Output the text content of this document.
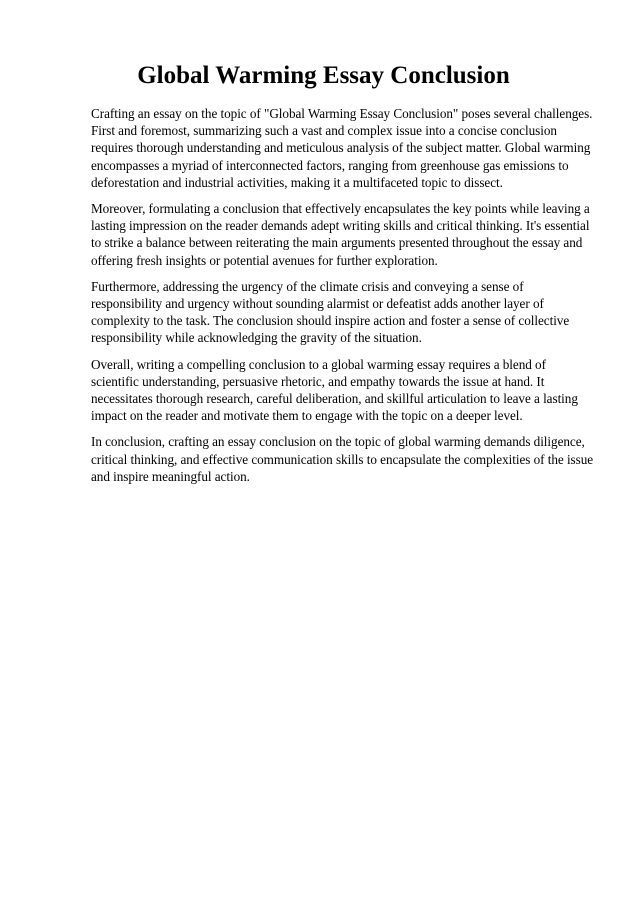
Global Warming Essay Conclusion

Crafting an essay on the topic of "Global Warming Essay Conclusion" poses several challenges. First and foremost, summarizing such a vast and complex issue into a concise conclusion requires thorough understanding and meticulous analysis of the subject matter. Global warming encompasses a myriad of interconnected factors, ranging from greenhouse gas emissions to deforestation and industrial activities, making it a multifaceted topic to dissect.

Moreover, formulating a conclusion that effectively encapsulates the key points while leaving a lasting impression on the reader demands adept writing skills and critical thinking. It's essential to strike a balance between reiterating the main arguments presented throughout the essay and offering fresh insights or potential avenues for further exploration.

Furthermore, addressing the urgency of the climate crisis and conveying a sense of responsibility and urgency without sounding alarmist or defeatist adds another layer of complexity to the task. The conclusion should inspire action and foster a sense of collective responsibility while acknowledging the gravity of the situation.

Overall, writing a compelling conclusion to a global warming essay requires a blend of scientific understanding, persuasive rhetoric, and empathy towards the issue at hand. It necessitates thorough research, careful deliberation, and skillful articulation to leave a lasting impact on the reader and motivate them to engage with the topic on a deeper level.

In conclusion, crafting an essay conclusion on the topic of global warming demands diligence, critical thinking, and effective communication skills to encapsulate the complexities of the issue and inspire meaningful action.
